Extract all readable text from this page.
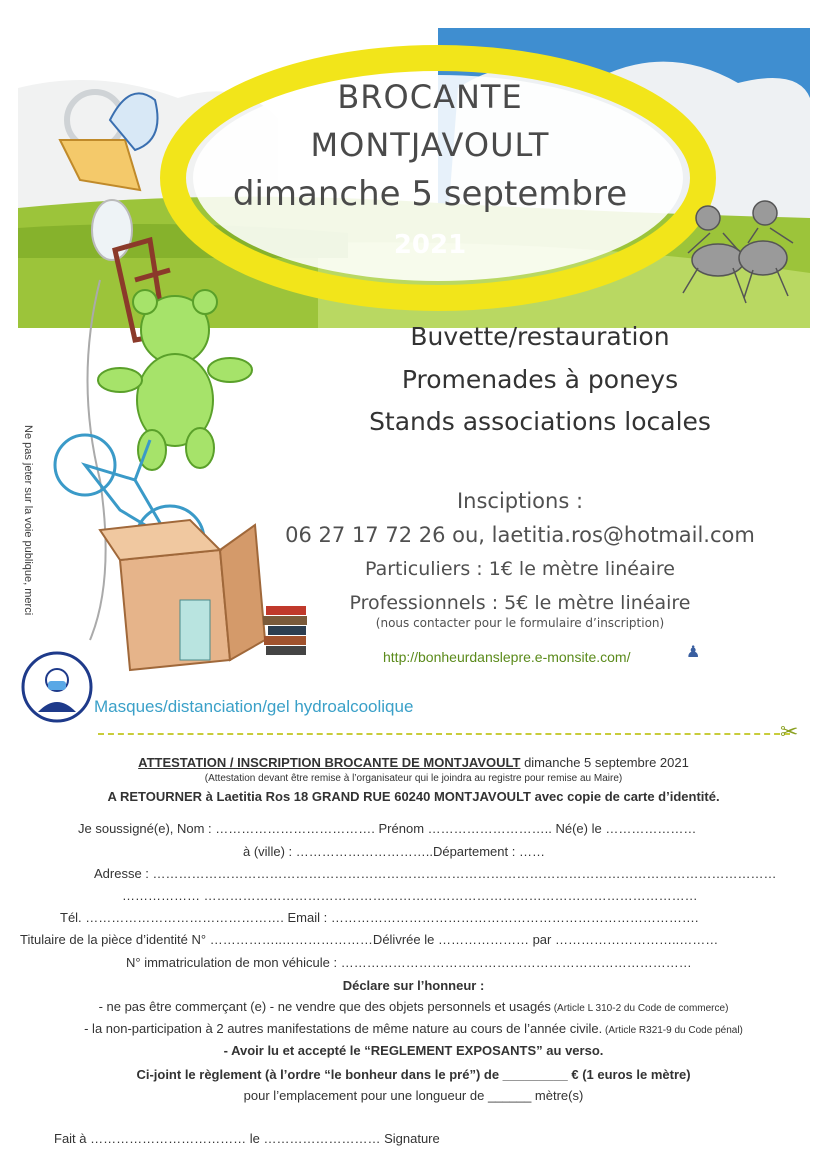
BROCANTE
MONTJAVOULT
dimanche 5 septembre
2021
Buvette/restauration
Promenades à poneys
Stands associations locales
Insciptions :
06 27 17 72 26 ou, laetitia.ros@hotmail.com
Particuliers : 1€ le mètre linéaire
Professionnels : 5€ le mètre linéaire
(nous contacter pour le formulaire d’inscription)
http://bonheurdanslepre.e-monsite.com/	♟
Ne pas jeter sur la voie publique, merci
Masques/distanciation/gel hydroalcoolique
✂
ATTESTATION / INSCRIPTION BROCANTE DE MONTJAVOULT dimanche 5 septembre 2021
(Attestation devant être remise à l’organisateur qui le joindra au registre pour remise au Maire)
A RETOURNER à Laetitia Ros 18 GRAND RUE 60240 MONTJAVOULT avec copie de carte d’identité.
Je soussigné(e), Nom : ………………………………. Prénom ……………………….. Né(e) le …………………
à (ville) : …………………………..Département : ……
Adresse : ………………………………………………………………………………………………………………………………
……………… ……………………………………………………………………………………………………
Tél. ………………………………………. Email : ………………………………………………………………………….
Titulaire de la pièce d’identité N° ……………..…………………Délivrée le ………………… par ………………………..………
N° immatriculation de mon véhicule : ………………………………………………………………………
Déclare sur l’honneur :
- ne pas être commerçant (e) - ne vendre que des objets personnels et usagés (Article L 310-2 du Code de commerce)
- la non-participation à 2 autres manifestations de même nature au cours de l’année civile. (Article R321-9 du Code pénal)
- Avoir lu et accepté le “REGLEMENT EXPOSANTS” au verso.
Ci-joint le règlement (à l’ordre “le bonheur dans le pré”) de _________ € (1 euros le mètre)
pour l’emplacement pour une longueur de ______ mètre(s)
Fait à ……………………………… le ……………………… Signature
